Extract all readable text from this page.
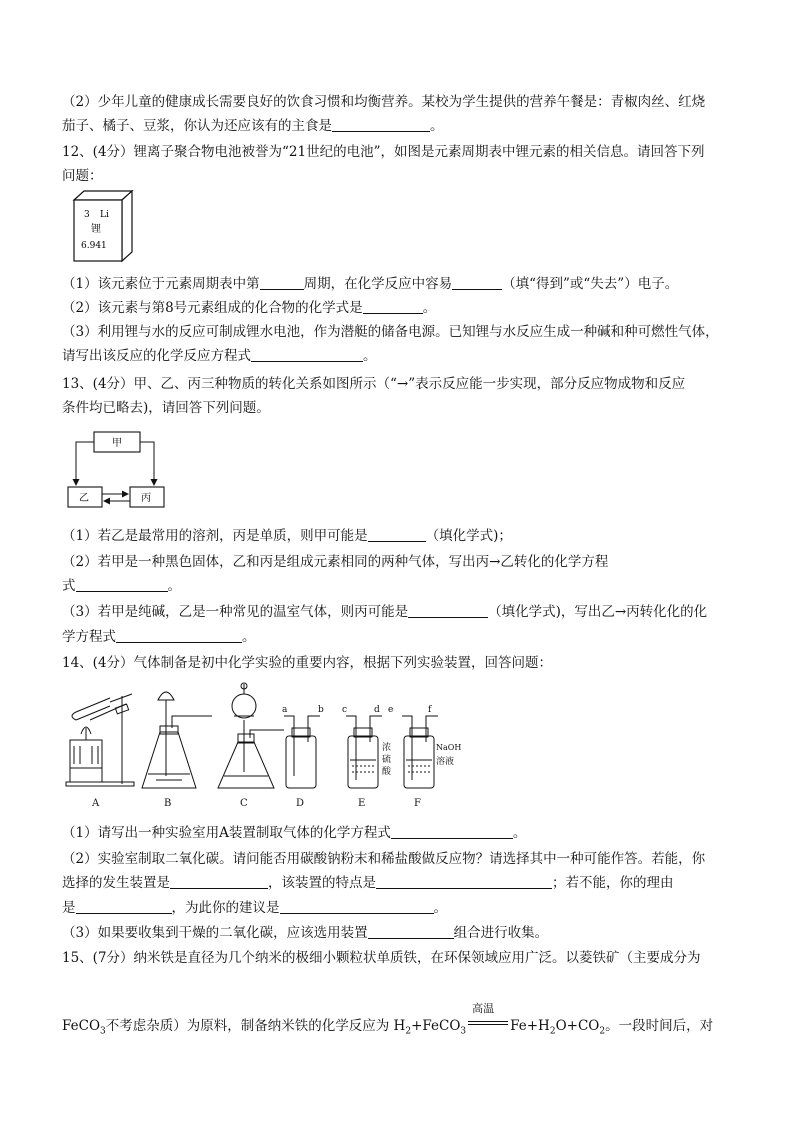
（2）少年儿童的健康成长需要良好的饮食习惯和均衡营养。某校为学生提供的营养午餐是：青椒肉丝、红烧
茄子、橘子、豆浆，你认为还应该有的主食是	。
12、(4分）锂离子聚合物电池被誉为“21世纪的电池”，如图是元素周期表中锂元素的相关信息。请回答下列
问题：
3 Li
锂
6.941
（1）该元素位于元素周期表中第	周期，在化学反应中容易	（填“得到”或“失去”）电子。
（2）该元素与第8号元素组成的化合物的化学式是	。
（3）利用锂与水的反应可制成锂水电池，作为潜艇的储备电源。已知锂与水反应生成一种碱和种可燃性气体，
请写出该反应的化学反应方程式	。
13、(4分）甲、乙、丙三种物质的转化关系如图所示（“→”表示反应能一步实现，部分反应物成物和反应
条件均已略去)，请回答下列问题。
甲
乙	丙
（1）若乙是最常用的溶剂，丙是单质，则甲可能是	（填化学式)；
（2）若甲是一种黑色固体，乙和丙是组成元素相同的两种气体，写出丙→乙转化的化学方程
式	。
（3）若甲是纯碱，乙是一种常见的温室气体，则丙可能是	（填化学式)，写出乙→丙转化化的化
学方程式	。
14、(4分）气体制备是初中化学实验的重要内容，根据下列实验装置，回答问题：
a	b c	d e	f
浓
硫
酸
NaOH
溶液
A	B	C	D	E	F
（1）请写出一种实验室用A装置制取气体的化学方程式	。
（2）实验室制取二氧化碳。请问能否用碳酸钠粉末和稀盐酸做反应物？请选择其中一种可能作答。若能，你
选择的发生装置是	，该装置的特点是	；若不能，你的理由
是	，为此你的建议是	。
（3）如果要收集到干燥的二氧化碳，应该选用装置	组合进行收集。
15、(7分）纳米铁是直径为几个纳米的极细小颗粒状单质铁，在环保领域应用广泛。以菱铁矿（主要成分为
FeCO$_3$不考虑杂质）为原料，制备纳米铁的化学反应为 $H_2+FeCO_3$
高温
$Fe+H_2O+CO_2$。一段时间后，对
